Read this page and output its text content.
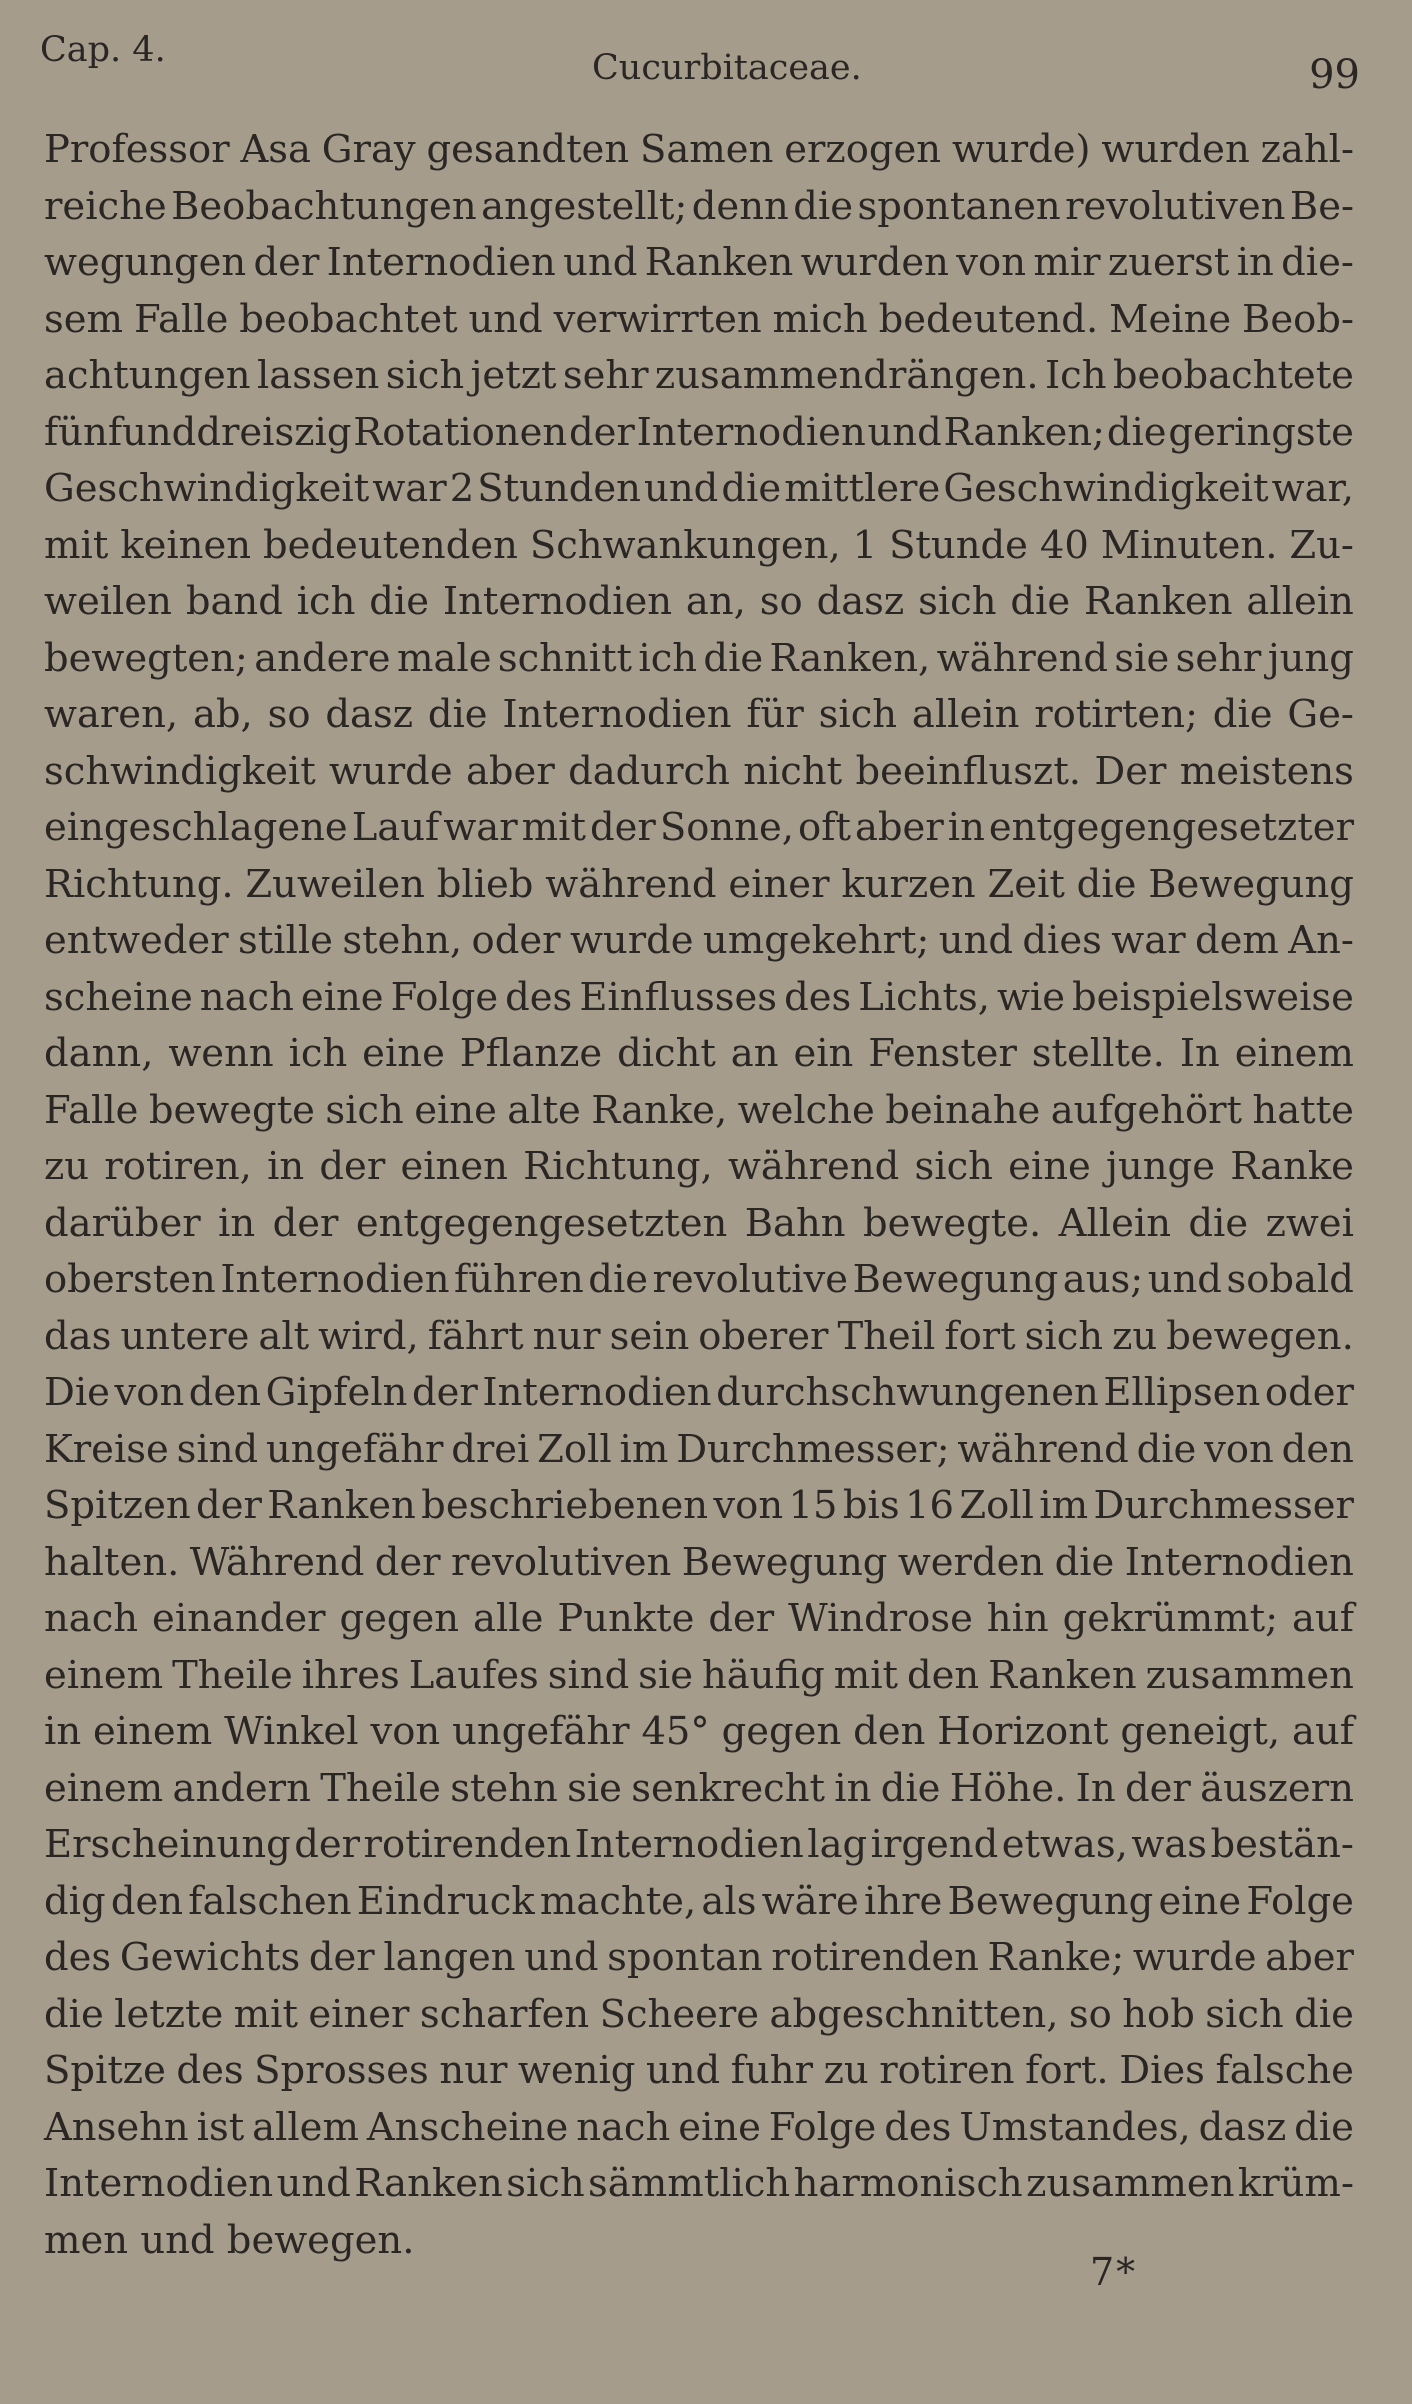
Cap. 4.	Cucurbitaceae.	99
Professor Asa Gray gesandten Samen erzogen wurde) wurden zahl-
reiche Beobachtungen angestellt; denn die spontanen revolutiven Be-
wegungen der Internodien und Ranken wurden von mir zuerst in die-
sem Falle beobachtet und verwirrten mich bedeutend. Meine Beob-
achtungen lassen sich jetzt sehr zusammendrängen. Ich beobachtete
fünfunddreiszig Rotationen der Internodien und Ranken; die geringste
Geschwindigkeit war 2 Stunden und die mittlere Geschwindigkeit war,
mit keinen bedeutenden Schwankungen, 1 Stunde 40 Minuten. Zu-
weilen band ich die Internodien an, so dasz sich die Ranken allein
bewegten; andere male schnitt ich die Ranken, während sie sehr jung
waren, ab, so dasz die Internodien für sich allein rotirten; die Ge-
schwindigkeit wurde aber dadurch nicht beeinfluszt. Der meistens
eingeschlagene Lauf war mit der Sonne, oft aber in entgegengesetzter
Richtung. Zuweilen blieb während einer kurzen Zeit die Bewegung
entweder stille stehn, oder wurde umgekehrt; und dies war dem An-
scheine nach eine Folge des Einflusses des Lichts, wie beispielsweise
dann, wenn ich eine Pflanze dicht an ein Fenster stellte. In einem
Falle bewegte sich eine alte Ranke, welche beinahe aufgehört hatte
zu rotiren, in der einen Richtung, während sich eine junge Ranke
darüber in der entgegengesetzten Bahn bewegte. Allein die zwei
obersten Internodien führen die revolutive Bewegung aus; und sobald
das untere alt wird, fährt nur sein oberer Theil fort sich zu bewegen.
Die von den Gipfeln der Internodien durchschwungenen Ellipsen oder
Kreise sind ungefähr drei Zoll im Durchmesser; während die von den
Spitzen der Ranken beschriebenen von 15 bis 16 Zoll im Durchmesser
halten. Während der revolutiven Bewegung werden die Internodien
nach einander gegen alle Punkte der Windrose hin gekrümmt; auf
einem Theile ihres Laufes sind sie häufig mit den Ranken zusammen
in einem Winkel von ungefähr 45° gegen den Horizont geneigt, auf
einem andern Theile stehn sie senkrecht in die Höhe. In der äuszern
Erscheinung der rotirenden Internodien lag irgend etwas, was bestän-
dig den falschen Eindruck machte, als wäre ihre Bewegung eine Folge
des Gewichts der langen und spontan rotirenden Ranke; wurde aber
die letzte mit einer scharfen Scheere abgeschnitten, so hob sich die
Spitze des Sprosses nur wenig und fuhr zu rotiren fort. Dies falsche
Ansehn ist allem Anscheine nach eine Folge des Umstandes, dasz die
Internodien und Ranken sich sämmtlich harmonisch zusammen krüm-
men und bewegen.
7*
